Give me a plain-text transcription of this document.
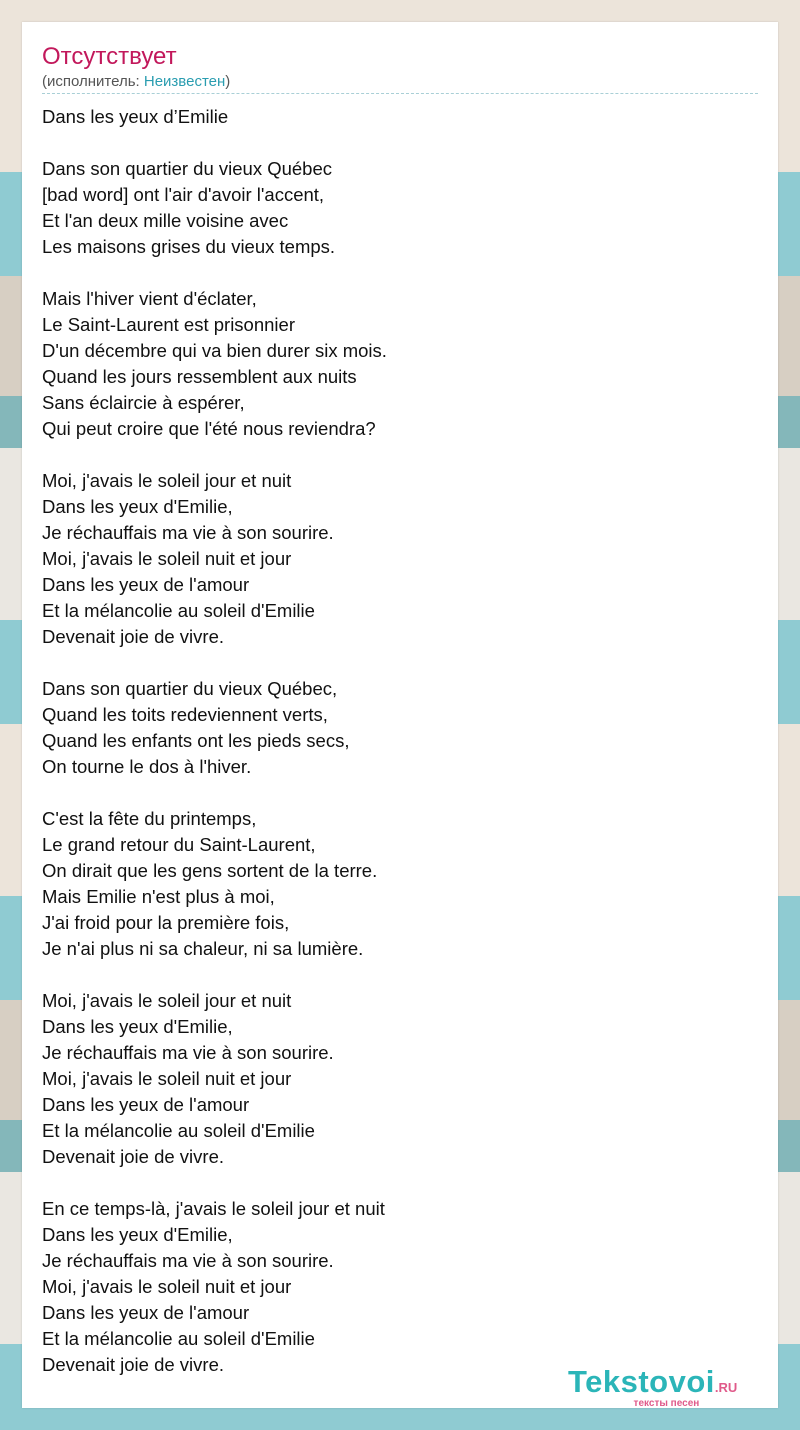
Отсутствует
(исполнитель: Неизвестен)
Dans les yeux d’Emilie
Dans son quartier du vieux Québec
[bad word] ont l'air d'avoir l'accent,
Et l'an deux mille voisine avec
Les maisons grises du vieux temps.
Mais l'hiver vient d'éclater,
Le Saint-Laurent est prisonnier
D'un décembre qui va bien durer six mois.
Quand les jours ressemblent aux nuits
Sans éclaircie à espérer,
Qui peut croire que l'été nous reviendra?
Moi, j'avais le soleil jour et nuit
Dans les yeux d'Emilie,
Je réchauffais ma vie à son sourire.
Moi, j'avais le soleil nuit et jour
Dans les yeux de l'amour
Et la mélancolie au soleil d'Emilie
Devenait joie de vivre.
Dans son quartier du vieux Québec,
Quand les toits redeviennent verts,
Quand les enfants ont les pieds secs,
On tourne le dos à l'hiver.
C'est la fête du printemps,
Le grand retour du Saint-Laurent,
On dirait que les gens sortent de la terre.
Mais Emilie n'est plus à moi,
J'ai froid pour la première fois,
Je n'ai plus ni sa chaleur, ni sa lumière.
Moi, j'avais le soleil jour et nuit
Dans les yeux d'Emilie,
Je réchauffais ma vie à son sourire.
Moi, j'avais le soleil nuit et jour
Dans les yeux de l'amour
Et la mélancolie au soleil d'Emilie
Devenait joie de vivre.
En ce temps-là, j'avais le soleil jour et nuit
Dans les yeux d'Emilie,
Je réchauffais ma vie à son sourire.
Moi, j'avais le soleil nuit et jour
Dans les yeux de l'amour
Et la mélancolie au soleil d'Emilie
Devenait joie de vivre.	Tekstovoi.RU
тексты песен
